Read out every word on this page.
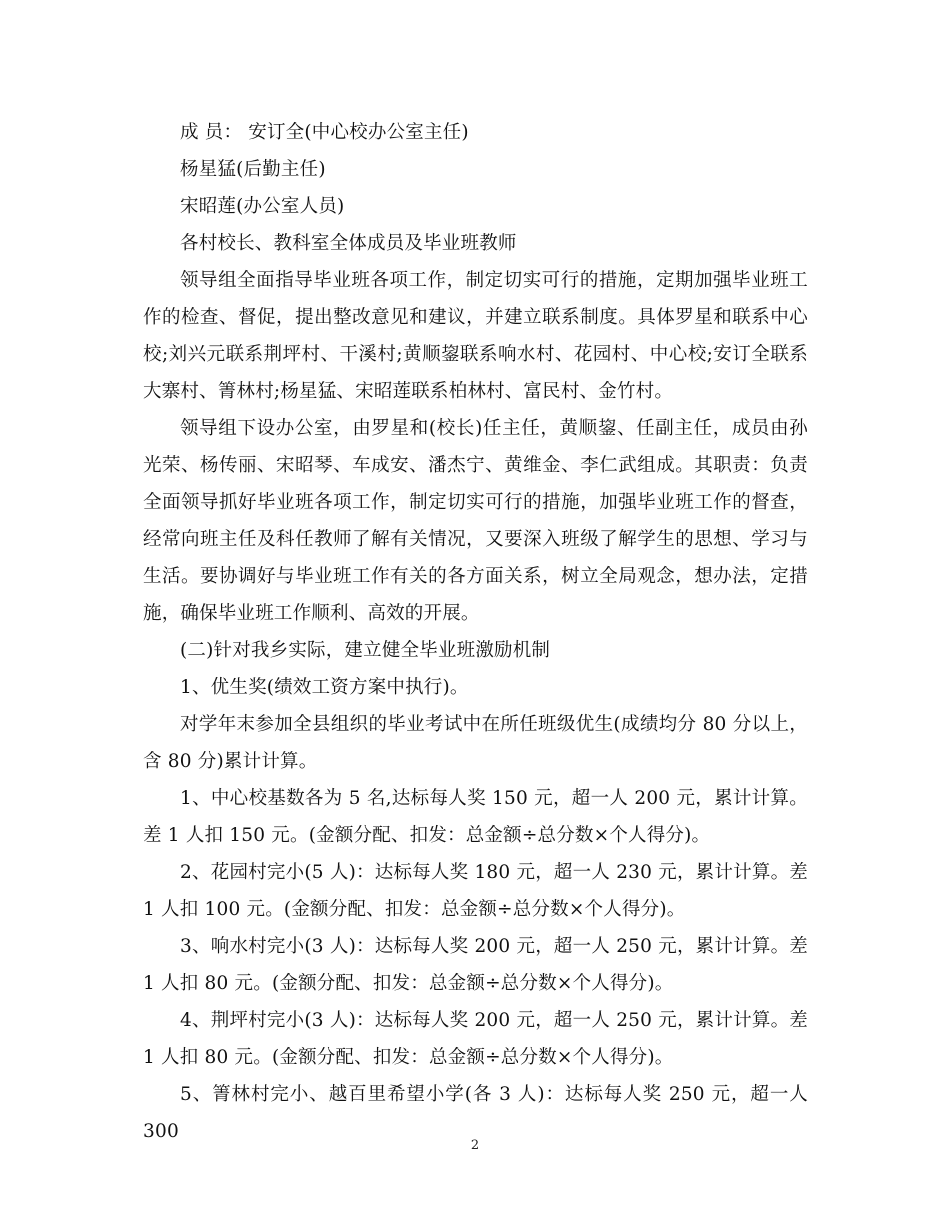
成 员： 安订全(中心校办公室主任)

杨星猛(后勤主任)

宋昭莲(办公室人员)

各村校长、教科室全体成员及毕业班教师

领导组全面指导毕业班各项工作，制定切实可行的措施，定期加强毕业班工作的检查、督促，提出整改意见和建议，并建立联系制度。具体罗星和联系中心校;刘兴元联系荆坪村、干溪村;黄顺鋆联系响水村、花园村、中心校;安订全联系大寨村、箐林村;杨星猛、宋昭莲联系柏林村、富民村、金竹村。

领导组下设办公室，由罗星和(校长)任主任，黄顺鋆、任副主任，成员由孙光荣、杨传丽、宋昭琴、车成安、潘杰宁、黄维金、李仁武组成。其职责：负责全面领导抓好毕业班各项工作，制定切实可行的措施，加强毕业班工作的督查，经常向班主任及科任教师了解有关情况，又要深入班级了解学生的思想、学习与生活。要协调好与毕业班工作有关的各方面关系，树立全局观念，想办法，定措施，确保毕业班工作顺利、高效的开展。

(二)针对我乡实际，建立健全毕业班激励机制

1、优生奖(绩效工资方案中执行)。

对学年末参加全县组织的毕业考试中在所任班级优生(成绩均分 80 分以上，含 80 分)累计计算。

1、中心校基数各为 5 名,达标每人奖 150 元，超一人 200 元，累计计算。差 1 人扣 150 元。(金额分配、扣发：总金额÷总分数×个人得分)。

2、花园村完小(5 人)：达标每人奖 180 元，超一人 230 元，累计计算。差 1 人扣 100 元。(金额分配、扣发：总金额÷总分数×个人得分)。

3、响水村完小(3 人)：达标每人奖 200 元，超一人 250 元，累计计算。差 1 人扣 80 元。(金额分配、扣发：总金额÷总分数×个人得分)。

4、荆坪村完小(3 人)：达标每人奖 200 元，超一人 250 元，累计计算。差 1 人扣 80 元。(金额分配、扣发：总金额÷总分数×个人得分)。

5、箐林村完小、越百里希望小学(各 3 人)：达标每人奖 250 元，超一人 300

2
